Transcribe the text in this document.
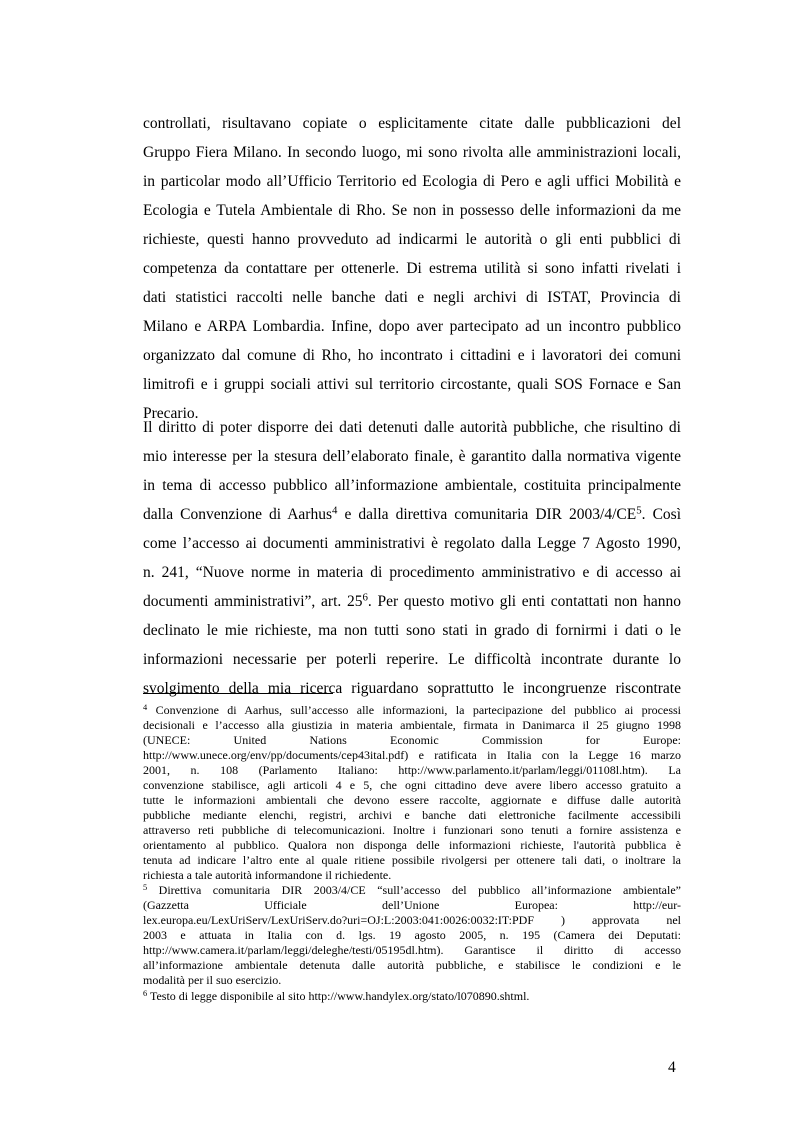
controllati, risultavano copiate o esplicitamente citate dalle pubblicazioni del
Gruppo Fiera Milano. In secondo luogo, mi sono rivolta alle amministrazioni locali,
in particolar modo all’Ufficio Territorio ed Ecologia di Pero e agli uffici Mobilità e
Ecologia e Tutela Ambientale di Rho. Se non in possesso delle informazioni da me
richieste, questi hanno provveduto ad indicarmi le autorità o gli enti pubblici di
competenza da contattare per ottenerle. Di estrema utilità si sono infatti rivelati i
dati statistici raccolti nelle banche dati e negli archivi di ISTAT, Provincia di
Milano e ARPA Lombardia. Infine, dopo aver partecipato ad un incontro pubblico
organizzato dal comune di Rho, ho incontrato i cittadini e i lavoratori dei comuni
limitrofi e i gruppi sociali attivi sul territorio circostante, quali SOS Fornace e San
Precario.
Il diritto di poter disporre dei dati detenuti dalle autorità pubbliche, che risultino di
mio interesse per la stesura dell’elaborato finale, è garantito dalla normativa vigente
in tema di accesso pubblico all’informazione ambientale, costituita principalmente
dalla Convenzione di Aarhus$^4$ e dalla direttiva comunitaria DIR $2003/4/CE^5$. Così
come l’accesso ai documenti amministrativi è regolato dalla Legge 7 Agosto 1990,
n. 241, “Nuove norme in materia di procedimento amministrativo e di accesso ai
documenti amministrativi”, art. $25^6$. Per questo motivo gli enti contattati non hanno
declinato le mie richieste, ma non tutti sono stati in grado di fornirmi i dati o le
informazioni necessarie per poterli reperire. Le difficoltà incontrate durante lo
svolgimento della mia ricerca riguardano soprattutto le incongruenze riscontrate
$^4$ Convenzione di Aarhus, sull’accesso alle informazioni, la partecipazione del pubblico ai processi
decisionali e l’accesso alla giustizia in materia ambientale, firmata in Danimarca il 25 giugno 1998
(UNECE: United Nations Economic Commission for Europe:
http://www.unece.org/env/pp/documents/cep43ital.pdf) e ratificata in Italia con la Legge 16 marzo
2001, n. 108 (Parlamento Italiano: http://www.parlamento.it/parlam/leggi/01108l.htm). La
convenzione stabilisce, agli articoli 4 e 5, che ogni cittadino deve avere libero accesso gratuito a
tutte le informazioni ambientali che devono essere raccolte, aggiornate e diffuse dalle autorità
pubbliche mediante elenchi, registri, archivi e banche dati elettroniche facilmente accessibili
attraverso reti pubbliche di telecomunicazioni. Inoltre i funzionari sono tenuti a fornire assistenza e
orientamento al pubblico. Qualora non disponga delle informazioni richieste, l'autorità pubblica è
tenuta ad indicare l’altro ente al quale ritiene possibile rivolgersi per ottenere tali dati, o inoltrare la
richiesta a tale autorità informandone il richiedente.
$^5$ Direttiva comunitaria DIR 2003/4/CE “sull’accesso del pubblico all’informazione ambientale”
(Gazzetta Ufficiale dell’Unione Europea: http://eur-
lex.europa.eu/LexUriServ/LexUriServ.do?uri=OJ:L:2003:041:0026:0032:IT:PDF ) approvata nel
2003 e attuata in Italia con d. lgs. 19 agosto 2005, n. 195 (Camera dei Deputati:
http://www.camera.it/parlam/leggi/deleghe/testi/05195dl.htm). Garantisce il diritto di accesso
all’informazione ambientale detenuta dalle autorità pubbliche, e stabilisce le condizioni e le
modalità per il suo esercizio.
$^6$ Testo di legge disponibile al sito http://www.handylex.org/stato/l070890.shtml.
4
